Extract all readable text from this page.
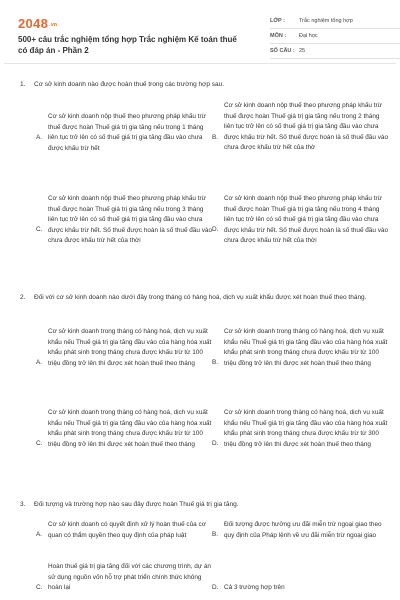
2048.vn
500+ câu trắc nghiệm tổng hợp Trắc nghiệm Kế toán thuế có đáp án - Phần 2
LỚP :	Trắc nghiệm tổng hợp
MÔN : Đại học
SỐ CÂU : 25
1. Cơ sở kinh doanh nào được hoàn thuế trong các trường hợp sau.
A.
Cơ sở kinh doanh nộp thuế theo phương pháp khấu trừ thuế được hoàn Thuế giá trị gia tăng nếu trong 1 tháng liên tục trở lên có số thuế giá trị gia tăng đầu vào chưa được khấu trừ hết
B.
Cơ sở kinh doanh nộp thuế theo phương pháp khấu trừ thuế được hoàn Thuế giá trị gia tăng nếu trong 2 tháng liên tục trở lên có số thuế giá trị gia tăng đầu vào chưa được khấu trừ hết. Số thuế được hoàn là số thuế đầu vào chưa được khấu trừ hết của thờ
C.
Cơ sở kinh doanh nộp thuế theo phương pháp khấu trừ thuế được hoàn Thuế giá trị gia tăng nếu trong 3 tháng liên tục trở lên có số thuế giá trị gia tăng đầu vào chưa được khấu trừ hết. Số thuế được hoàn là số thuế đầu vào chưa được khấu trừ hết của thời
D.
Cơ sở kinh doanh nộp thuế theo phương pháp khấu trừ thuế được hoàn Thuế giá trị gia tăng nếu trong 4 tháng liên tục trở lên có số thuế giá trị gia tăng đầu vào chưa được khấu trừ hết. Số thuế được hoàn là số thuế đầu vào chưa được khấu trừ hết của thời
2. Đối với cơ sở kinh doanh nào dưới đây trong tháng có hàng hoá, dịch vụ xuất khẩu được xét hoàn thuế theo tháng.
A.
Cơ sở kinh doanh trong tháng có hàng hoá, dịch vụ xuất khẩu nếu Thuế giá trị gia tăng đầu vào của hàng hóa xuất khẩu phát sinh trong tháng chưa được khấu trừ từ 100 triệu đồng trở lên thì được xét hoàn thuế theo tháng	B.
Cơ sở kinh doanh trong tháng có hàng hoá, dịch vụ xuất khẩu nếu Thuế giá trị gia tăng đầu vào của hàng hóa xuất khẩu phát sinh trong tháng chưa được khấu trừ từ 100 triệu đồng trở lên thì được xét hoàn thuế theo tháng
C.
Cơ sở kinh doanh trong tháng có hàng hoá, dịch vụ xuất khẩu nếu Thuế giá trị gia tăng đầu vào của hàng hóa xuất khẩu phát sinh trong tháng chưa được khấu trừ từ 100 triệu đồng trở lên thì được xét hoàn thuế theo tháng	D.
Cơ sở kinh doanh trong tháng có hàng hoá, dịch vụ xuất khẩu nếu Thuế giá trị gia tăng đầu vào của hàng hóa xuất khẩu phát sinh trong tháng chưa được khấu trừ từ 300 triệu đồng trở lên thì được xét hoàn thuế theo tháng
3. Đối tượng và trường hợp nào sau đây được hoàn Thuế giá trị gia tăng.
A.
Cơ sở kinh doanh có quyết định xử lý hoàn thuế của cơ quan có thẩm quyền theo quy định của pháp luật	B.
Đối tượng được hưởng ưu đãi miễn trừ ngoại giao theo quy định của Pháp lệnh về ưu đãi miễn trừ ngoại giao
C.
Hoàn thuế giá trị gia tăng đối với các chương trình, dự án sử dụng nguồn vốn hỗ trợ phát triển chính thức không hoàn lại	D. Cả 3 trường hợp trên
